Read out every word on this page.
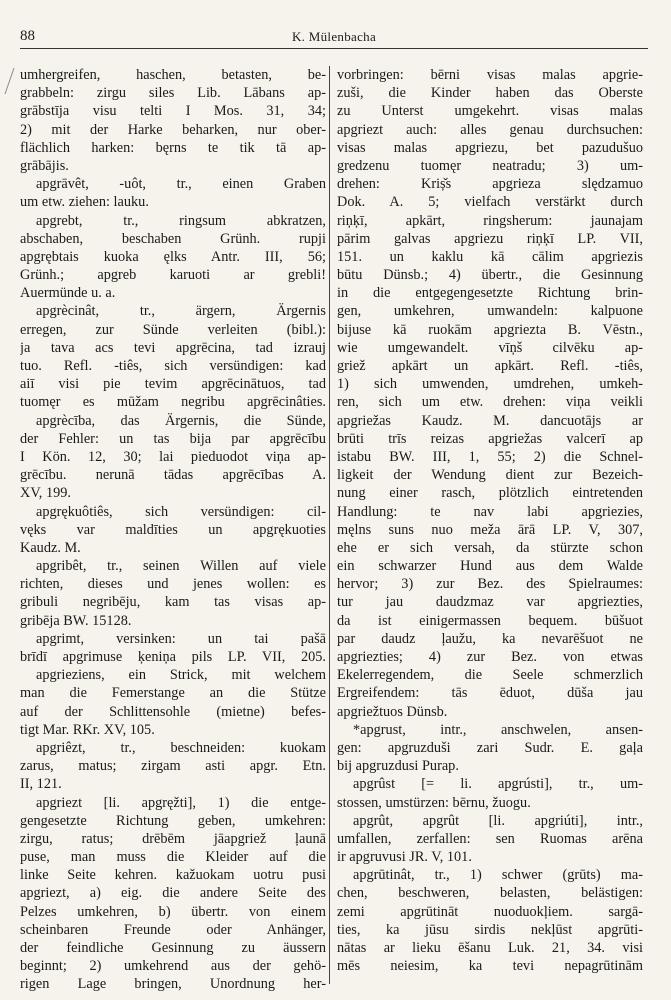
88	K. Mülenbacha
umhergreifen, haschen, betasten, be-
grabbeln: zirgu siles Lib. Lābans ap-
grābstīja visu telti I Mos. 31, 34;
2) mit der Harke beharken, nur ober-
flächlich harken: bęrns te tik tā ap-
grābājis.
apgrāvêt, -uôt, tr., einen Graben
um etw. ziehen: lauku.
apgrebt, tr., ringsum abkratzen,
abschaben, beschaben Grünh. rupji
apgrębtais kuoka ęlks Antr. III, 56;
Grünh.; apgreb karuoti ar grebli!
Auermünde u. a.
apgrècinât, tr., ärgern, Ärgernis
erregen, zur Sünde verleiten (bibl.):
ja tava acs tevi apgrēcina, tad izrauj
tuo. Refl. -tiês, sich versündigen: kad
aiī visi pie tevim apgrēcinātuos, tad
tuomęr es mūžam negribu apgrēcinâties.
apgrècība, das Ärgernis, die Sünde,
der Fehler: un tas bija par apgrēcību
I Kön. 12, 30; lai pieduodot viņa ap-
grēcību. nerunā tādas apgrēcības A.
XV, 199.
apgrękuôtiês, sich versündigen: cil-
vęks var maldīties un apgrękuoties
Kaudz. M.
apgribêt, tr., seinen Willen auf viele
richten, dieses und jenes wollen: es
gribuli negribēju, kam tas visas ap-
gribēja BW. 15128.
apgrimt, versinken: un tai pašā
brīdī apgrimuse ķeniņa pils LP. VII, 205.
apgrieziens, ein Strick, mit welchem
man die Femerstange an die Stütze
auf der Schlittensohle (mietne) befes-
tigt Mar. RKr. XV, 105.
apgriêzt, tr., beschneiden: kuokam
zarus, matus; zirgam asti apgr. Etn.
II, 121.
apgriezt [li. apgręžti], 1) die entge-
gengesetzte Richtung geben, umkehren:
zirgu, ratus; drēbēm jāapgriež ļaunā
puse, man muss die Kleider auf die
linke Seite kehren. kažuokam uotru pusi
apgriezt, a) eig. die andere Seite des
Pelzes umkehren, b) übertr. von einem
scheinbaren Freunde oder Anhänger,
der feindliche Gesinnung zu äussern
beginnt; 2) umkehrend aus der gehö-
rigen Lage bringen, Unordnung her-
vorbringen: bērni visas malas apgrie-
zuši, die Kinder haben das Oberste
zu Unterst umgekehrt. visas malas
apgriezt auch: alles genau durchsuchen:
visas malas apgriezu, bet pazudušuo
gredzenu tuomęr neatradu; 3) um-
drehen: Kriș̌s apgrieza slędzamuo
Dok. A. 5; vielfach verstärkt durch
riņķī, apkārt, ringsherum: jaunajam
pārim galvas apgriezu riņķī LP. VII,
151. un kaklu kā cālim apgriezis
būtu Dünsb.; 4) übertr., die Gesinnung
in die entgegengesetzte Richtung brin-
gen, umkehren, umwandeln: kalpuone
bijuse kā ruokām apgriezta B. Vēstn.,
wie umgewandelt. vīņš cilvēku ap-
griež apkārt un apkārt. Refl. -tiês,
1) sich umwenden, umdrehen, umkeh-
ren, sich um etw. drehen: viņa veikli
apgriežas Kaudz. M. dancuotājs ar
brūti trīs reizas apgriežas valcerī ap
istabu BW. III, 1, 55; 2) die Schnel-
ligkeit der Wendung dient zur Bezeich-
nung einer rasch, plötzlich eintretenden
Handlung: te nav labi apgriezies,
męlns suns nuo meža ārā LP. V, 307,
ehe er sich versah, da stürzte schon
ein schwarzer Hund aus dem Walde
hervor; 3) zur Bez. des Spielraumes:
tur jau daudzmaz var apgriezties,
da ist einigermassen bequem. būšuot
par daudz ļaužu, ka nevarēšuot ne
apgriezties; 4) zur Bez. von etwas
Ekelerregendem, die Seele schmerzlich
Ergreifendem: tās ēduot, dūša jau
apgriežtuos Dünsb.
*apgrust, intr., anschwelen, ansen-
gen: apgruzduši zari Sudr. E. gaļa
bij apgruzdusi Purap.
apgrûst [= li. apgrústi], tr., um-
stossen, umstürzen: bērnu, žuogu.
apgrût, apgrût [li. apgriúti], intr.,
umfallen, zerfallen: sen Ruomas arēna
ir apgruvusi JR. V, 101.
apgrūtinât, tr., 1) schwer (grūts) ma-
chen, beschweren, belasten, belästigen:
zemi apgrūtināt nuoduokļiem. sargā-
ties, ka jūsu sirdis nekļūst apgrūti-
nātas ar lieku ēšanu Luk. 21, 34. visi
mēs neiesim, ka tevi nepagrūtinām
